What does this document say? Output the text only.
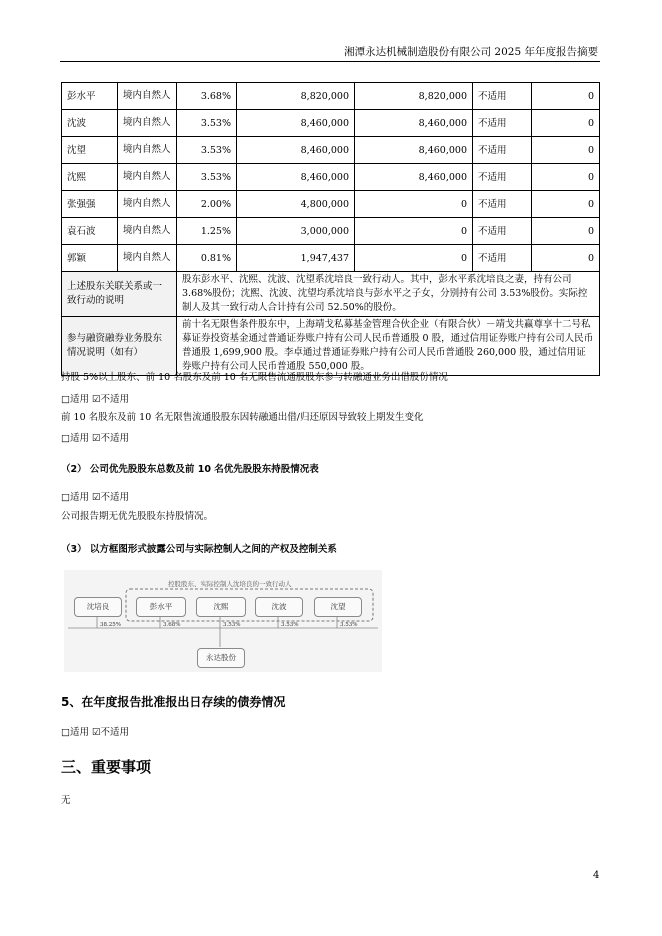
湘潭永达机械制造股份有限公司 2025 年年度报告摘要
彭水平	境内自然人	3.68%	8,820,000	8,820,000	不适用	0
沈波	境内自然人	3.53%	8,460,000	8,460,000	不适用	0
沈望	境内自然人	3.53%	8,460,000	8,460,000	不适用	0
沈熙	境内自然人	3.53%	8,460,000	8,460,000	不适用	0
张强强	境内自然人	2.00%	4,800,000	0	不适用	0
袁石波	境内自然人	1.25%	3,000,000	0	不适用	0
郭颖	境内自然人	0.81%	1,947,437	0	不适用	0
上述股东关联关系或一致行动的说明		股东彭水平、沈熙、沈波、沈望系沈培良一致行动人。其中，彭水平系沈培良之妻，持有公司 3.68%股份；沈熙、沈波、沈望均系沈培良与彭水平之子女，分别持有公司 3.53%股份。实际控制人及其一致行动人合计持有公司 52.50%的股份。				
参与融资融券业务股东情况说明（如有）		前十名无限售条件股东中，上海靖戈私募基金管理合伙企业（有限合伙）－靖戈共赢尊享十二号私募证券投资基金通过普通证券账户持有公司人民币普通股 0 股，通过信用证券账户持有公司人民币普通股 1,699,900 股。李卓通过普通证券账户持有公司人民币普通股 260,000 股，通过信用证券账户持有公司人民币普通股 550,000 股。				
持股 5%以上股东、前 10 名股东及前 10 名无限售流通股股东参与转融通业务出借股份情况
□适用 ☑不适用
前 10 名股东及前 10 名无限售流通股股东因转融通出借/归还原因导致较上期发生变化
□适用 ☑不适用
（2） 公司优先股股东总数及前 10 名优先股股东持股情况表
□适用 ☑不适用
公司报告期无优先股股东持股情况。
（3） 以方框图形式披露公司与实际控制人之间的产权及控制关系
控股股东、实际控制人沈培良的一致行动人
沈培良	彭水平	沈熙	沈波	沈望
38.25%	3.68%	3.53%	3.53%	3.53%
永达股份
5、在年度报告批准报出日存续的债券情况
□适用 ☑不适用
三、重要事项
无
4
